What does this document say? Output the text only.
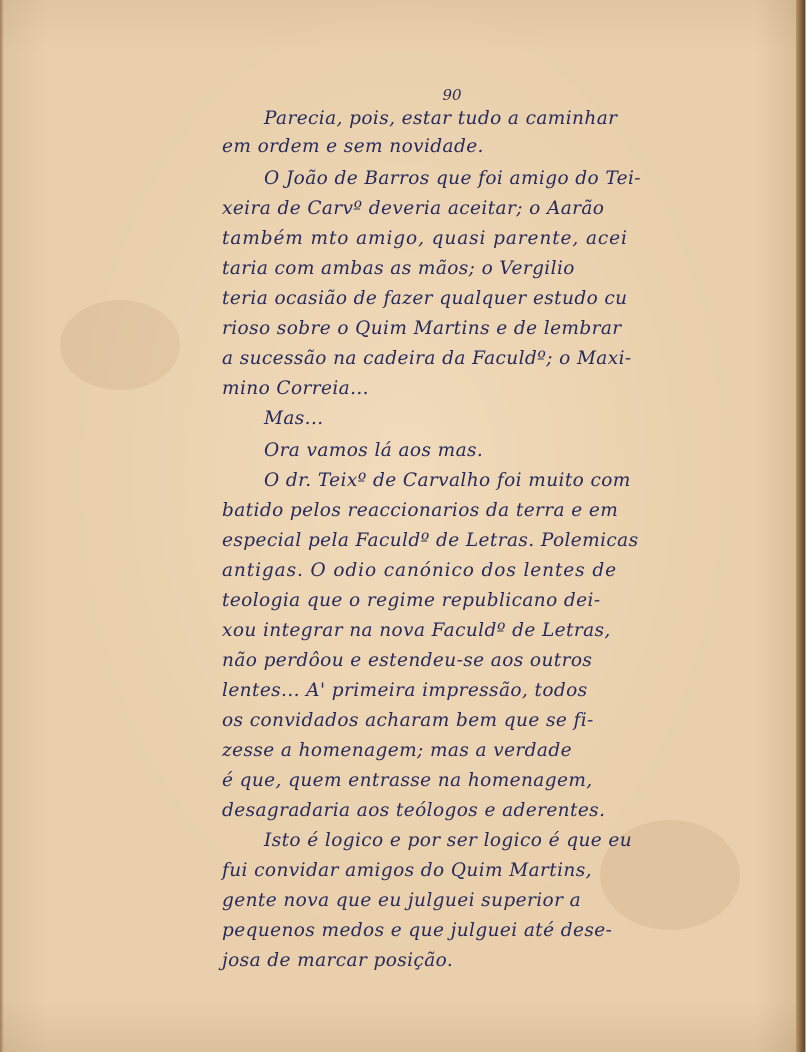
90
Parecia, pois, estar tudo a caminhar
em ordem e sem novidade.
O João de Barros que foi amigo do Tei-
xeira de Carvº deveria aceitar; o Aarão
também mto amigo, quasi parente, acei
taria com ambas as mãos; o Vergilio
teria ocasião de fazer qualquer estudo cu
rioso sobre o Quim Martins e de lembrar
a sucessão na cadeira da Faculdº; o Maxi-
mino Correia...
Mas...
Ora vamos lá aos mas.
O dr. Teixº de Carvalho foi muito com
batido pelos reaccionarios da terra e em
especial pela Faculdº de Letras. Polemicas
antigas. O odio canónico dos lentes de
teologia que o regime republicano dei-
xou integrar na nova Faculdº de Letras,
não perdôou e estendeu-se aos outros
lentes... A' primeira impressão, todos
os convidados acharam bem que se fi-
zesse a homenagem; mas a verdade
é que, quem entrasse na homenagem,
desagradaria aos teólogos e aderentes.
Isto é logico e por ser logico é que eu
fui convidar amigos do Quim Martins,
gente nova que eu julguei superior a
pequenos medos e que julguei até dese-
josa de marcar posição.
